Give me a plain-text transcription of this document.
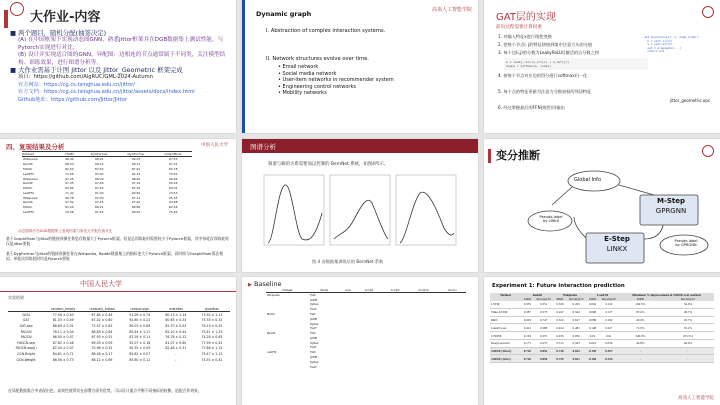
大作业-内容
■ 两个题目，随机分配(抽签决定)
(A) 在中国框架下实现动态图GNN，熟悉Jittor框架并在DGB数据集上测试性能，与Pytorch实现进行对比；
(B) 设计并实现适合图的GNN。异配图：边相连的节点通常属于不同类，关注模型结构、训练效果，进行图谱分析等。
■ 大作业需基于计图 Jittor 以及 Jittor_Geometric 框架完成
项目：https://github.com/AlgRUC/GML-2024-Autumn
官方网站：https://cg.cs.tsinghua.edu.cn/jittor/
官方文档：https://cg.cs.tsinghua.edu.cn/jittor/assets/docs/index.html
Github地址：https://github.com/Jittor/Jittor
Dynamic graph	高瓴人工智能学院
I. Abstraction of complex interaction systems.
II. Network structures evolve over time.
• Email network
• Social media network
• User-item networks in recommender system
• Engineering control networks
• Mobility networks
GAT层的实现
前向过程需要计算权重
1. 对输入特征x进行线性变换
2. 把每个节点i, j的特征拼接到第中注意力头的分值
3. 每个边(i,j)的分数为LeakyReLU()激活的自分数之和
e = leaky_relu(a_src[i] + a_dst[j])
alpha = softmax(e, index)
4. 按每个节点对应边的得分进行softmax归一化
5. 每个点的特征更新为注意力分数加权的邻居特征
6. 经过掌握最后的FFN(线性层)输出
def execute(self, x, edge_index):
h = self.lin(x)
a = self.att(h)
out = propagate(...)
return out
jittor_geometric.ops
四、复现结果及分析	中国人民大学
Dataset	TGNN	DyGFormer	DyGFormer	GraphMixer
Wikipedia	98.40	98.91	99.03	97.25
Reddit	98.53	99.22	99.11	97.31
MOOC	82.50	87.52	87.91	82.78
LastFM	71.66	93.00	92.45	75.61
Wikipedia	97.25	98.09	98.60	96.65
Reddit	97.05	97.48	97.12	95.26
MOOC	83.95	87.52	87.25	84.01
LastFM	71.42	91.00	90.50	73.53
Wikipedia	96.78	97.00	97.11	95.35
Reddit	97.02	97.25	97.40	94.98
MOOC	81.20	86.91	86.80	82.16
LastFM	70.08	91.55	90.02	75.83
动态图算法在DGB数据集上复现结果与原论文中报告值对比
基于GraphMixer与jittor的链接预测任务您存数量大于Pytorch框架。但是总训练耗时需要较少于Pytorch框架，其中每轮次训练耗时仅是jittor要低
基于DygFormer与jittor的链接预测任务在Wikipedia, Reddit数据集上的指标更大于Pytorch框架，而时间与GraphMixer算法相似，单轮次训练耗时均是Pytorch要低
图谱分析
频谱与熵的关系需要加以控制的 BernNet 系统，如图4所示。
图 4 各数据集训练后的 BernNet 系数
变分推断
Global Info
M-Step
GPRGNN
E-Step
LINKX
Pseudo-label
by LINKX
Pseudo-label
by GPRGNN
实验结果
中国人民大学
	random_empty	uniquely_kdbao	unique-sign	mistakes	guardias
DCN	77.56 ± 0.40	67.84 ± 0.44	91.26 ± 0.74	80.13 ± 1.14	73.92 ± 1.13
GAT	81.53 ± 0.49	67.42 ± 0.60	92.60 ± 0.22	60.65 ± 0.34	75.35 ± 0.32
GAT-sep	86.89 ± 0.31	72.57 ± 0.63	90.03 ± 0.89	82.70 ± 0.02	79.19 ± 0.45
FAGCN	78.11 ± 0.04	68.83 ± 0.64	85.44 ± 1.11	82.10 ± 0.44	75.41 ± 1.33
FAGCN	86.05 ± 0.07	67.93 ± 0.51	87.16 ± 0.11	76.76 ± 0.12	74.28 ± 0.65
FAGCN-sep	87.82 ± 0.46	69.05 ± 0.09	92.07 ± 0.18	81.07 ± 0.60	77.99 ± 0.42
FAGCN-sep(J)	87.44 ± 0.07	70.96 ± 0.32	92.35 ± 0.09	82.48 ± 0.31	77.86 ± 1.12
GCN-Bright	84.61 ± 0.71	68.48 ± 0.17	85.82 ± 0.07	-	75.47 ± 1.12
GCN-Weight	86.56 ± 0.73	68.12 ± 0.69	85.60 ± 0.12	-	74.91 ± 0.42
在异配数据集合中表现出色，高效性使得其在部署方面有优势，可以设计重点平衡不同指标的权衡。追配合作效果。
▶ Baseline
Dataset	Model	Loss	Acc@1	Acc@5	Acc@10	Val Acc
Wikipedia	TGN					
	JODIE					
	DyRep					
	TGAT					
MOOC	TGN					
	JODIE					
	DyRep					
	TGAT					
Reddit	TGN					
	JODIE					
	DyRep					
	TGAT					
LastFM	TGN					
	JODIE					
	DyRep					
	TGAT					
Experiment 1: Future interaction prediction
Method	Reddit		Wikipedia		LastFM		Minimum % improvement of JODIE over method	
	MRR	Recall@10	MRR	Recall@10	MRR	Recall@10	MRR	Recall@10
LSTM	0.355	0.551	0.329	0.455	0.062	0.119	104.5%	54.0%
Time-LSTM	0.387	0.573	0.247	0.342	0.068	0.137	87.6%	48.7%
RRN	0.603	0.747	0.522	0.617	0.089	0.182	20.4%	18.7%
LatentCross	0.421	0.588	0.424	0.481	0.148	0.227	71.9%	35.2%
CTDNE	0.165	0.257	0.035	0.056	0.01	0.01	340.0%	231.5%
DeepCoevolve	0.171	0.275	0.515	0.563	0.019	0.039	44.8%	46.0%
JODIE (Jittor)	0.726	0.852	0.746	0.822	0.195	0.307	-	-
JODIE (Ours)	0.726	0.850	0.759	0.831	0.184	0.254	-	-
高瓴人工智能学院
